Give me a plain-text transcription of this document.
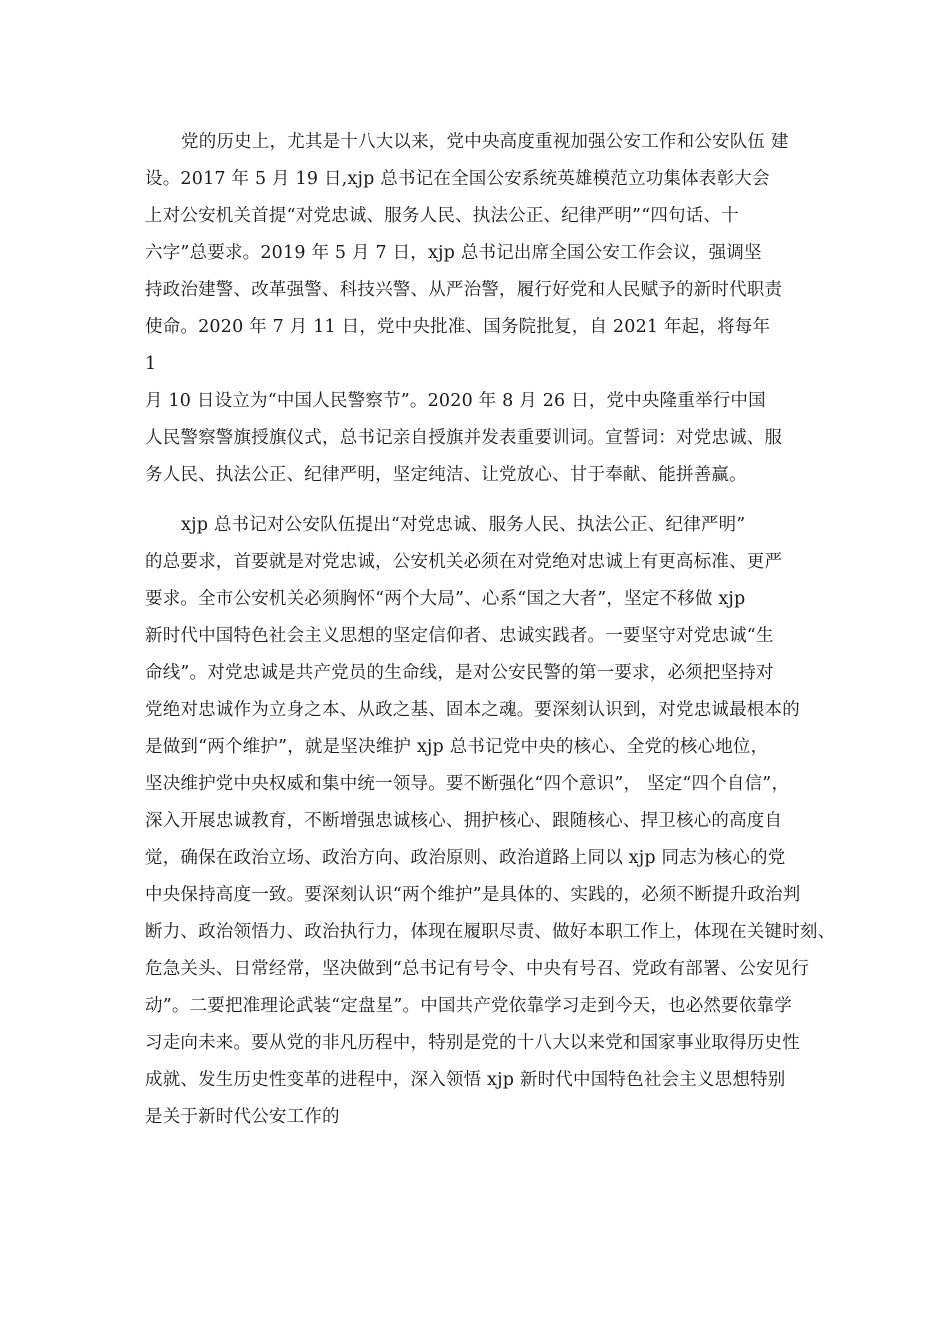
党的历史上，尤其是十八大以来，党中央高度重视加强公安工作和公安队伍 建
设。2017 年 5 月 19 日,xjp 总书记在全国公安系统英雄模范立功集体表彰大会
上对公安机关首提“对党忠诚、服务人民、执法公正、纪律严明”“四句话、十
六字”总要求。2019 年 5 月 7 日，xjp 总书记出席全国公安工作会议，强调坚
持政治建警、改革强警、科技兴警、从严治警，履行好党和人民赋予的新时代职责
使命。2020 年 7 月 11 日，党中央批准、国务院批复，自 2021 年起，将每年
1
月 10 日设立为“中国人民警察节”。2020 年 8 月 26 日，党中央隆重举行中国
人民警察警旗授旗仪式，总书记亲自授旗并发表重要训词。宣誓词：对党忠诚、服
务人民、执法公正、纪律严明，坚定纯洁、让党放心、甘于奉献、能拼善赢。
xjp 总书记对公安队伍提出“对党忠诚、服务人民、执法公正、纪律严明”
的总要求，首要就是对党忠诚，公安机关必须在对党绝对忠诚上有更高标准、更严
要求。全市公安机关必须胸怀“两个大局”、心系“国之大者”，坚定不移做 xjp
新时代中国特色社会主义思想的坚定信仰者、忠诚实践者。一要坚守对党忠诚“生
命线”。对党忠诚是共产党员的生命线，是对公安民警的第一要求，必须把坚持对
党绝对忠诚作为立身之本、从政之基、固本之魂。要深刻认识到，对党忠诚最根本的
是做到“两个维护”，就是坚决维护 xjp 总书记党中央的核心、全党的核心地位，
坚决维护党中央权威和集中统一领导。要不断强化“四个意识”， 坚定“四个自信”，
深入开展忠诚教育，不断增强忠诚核心、拥护核心、跟随核心、捍卫核心的高度自
觉，确保在政治立场、政治方向、政治原则、政治道路上同以 xjp 同志为核心的党
中央保持高度一致。要深刻认识“两个维护”是具体的、实践的，必须不断提升政治判
断力、政治领悟力、政治执行力，体现在履职尽责、做好本职工作上，体现在关键时刻、
危急关头、日常经常，坚决做到“总书记有号令、中央有号召、党政有部署、公安见行
动”。二要把准理论武装“定盘星”。中国共产党依靠学习走到今天，也必然要依靠学
习走向未来。要从党的非凡历程中，特别是党的十八大以来党和国家事业取得历史性
成就、发生历史性变革的进程中，深入领悟 xjp 新时代中国特色社会主义思想特别
是关于新时代公安工作的
